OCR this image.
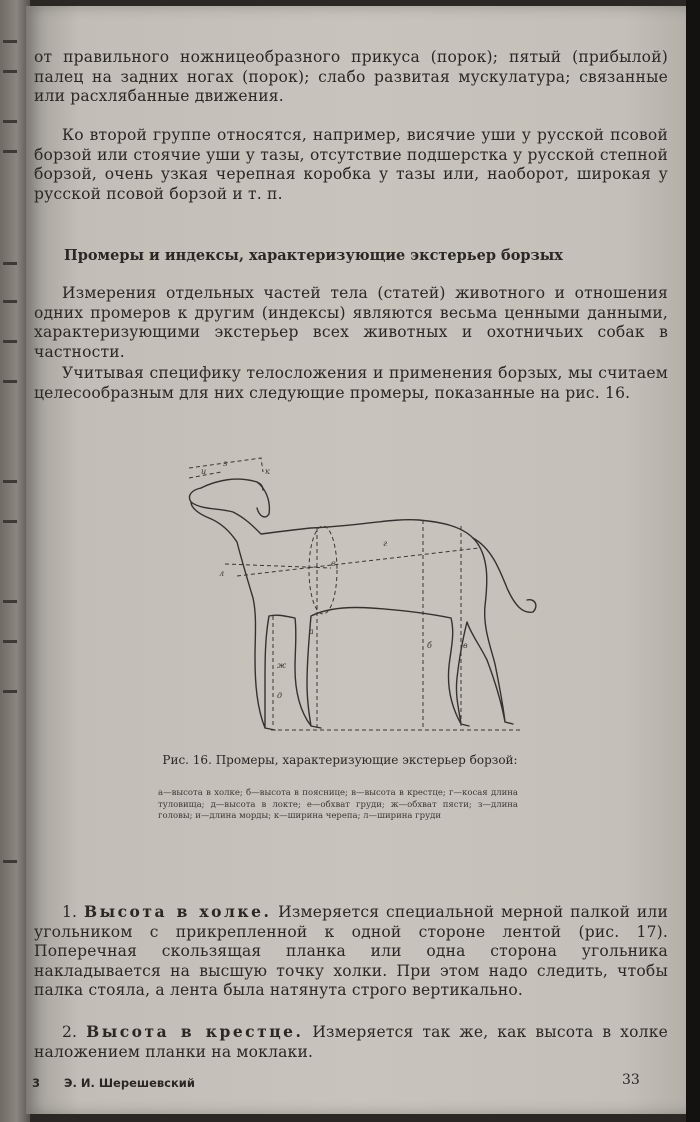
от правильного ножницеобразного прикуса (порок); пятый (прибылой) палец на задних ногах (порок); слабо развитая мускулатура; связанные или расхлябанные движения.
Ко второй группе относятся, например, висячие уши у русской псовой борзой или стоячие уши у тазы, отсутствие подшерстка у русской степной борзой, очень узкая черепная коробка у тазы или, наоборот, широкая у русской псовой борзой и т. п.
Промеры и индексы, характеризующие экстерьер борзых
Измерения отдельных частей тела (статей) животного и отношения одних промеров к другим (индексы) являются весьма ценными данными, характеризующими экстерьер всех животных и охотничьих собак в частности.
Учитывая специфику телосложения и применения борзых, мы считаем целесообразным для них следующие промеры, показанные на рис. 16.
з
к
и
л
е
г
ж
а
д
б	в
Рис. 16. Промеры, характеризующие экстерьер борзой:
а—высота в холке; б—высота в пояснице; в—высота в крестце; г—косая длина туловища; д—высота в локте; е—обхват груди; ж—обхват пясти; з—длина головы; и—длина морды; к—ширина черепа; л—ширина груди
1. Высота в холке. Измеряется специальной мерной палкой или угольником с прикрепленной к одной стороне лентой (рис. 17). Поперечная скользящая планка или одна сторона угольника накладывается на высшую точку холки. При этом надо следить, чтобы палка стояла, а лента была натянута строго вертикально.
2. Высота в крестце. Измеряется так же, как высота в холке наложением планки на моклаки.
3 Э. И. Шерешевский	33
